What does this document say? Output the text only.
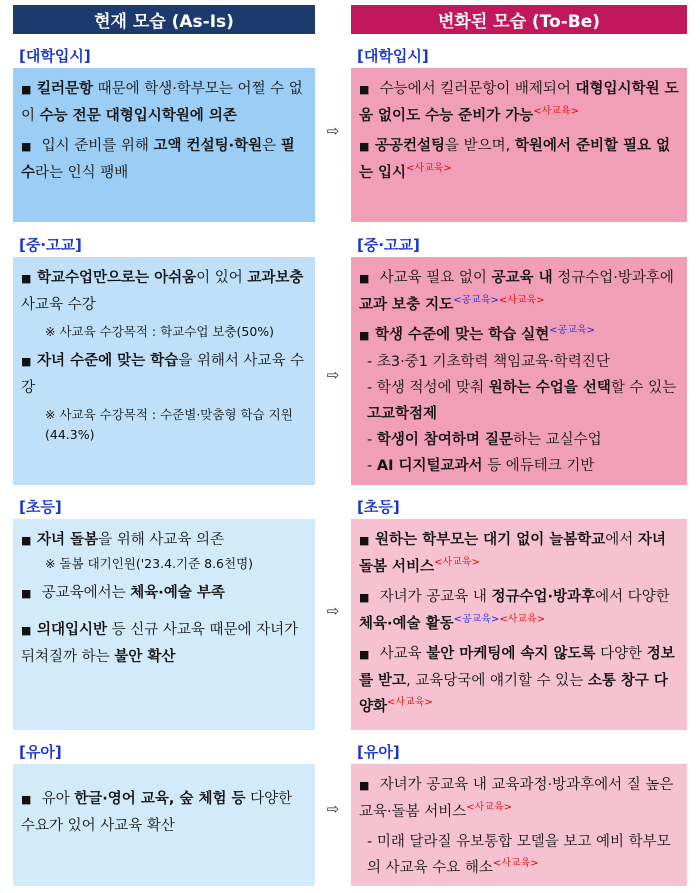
현재 모습 (As-Is)	변화된 모습 (To-Be)
[대학입시]
■ 킬러문항 때문에 학생·학부모는 어쩔 수 없이 수능 전문 대형입시학원에 의존
■ 입시 준비를 위해 고액 컨설팅·학원은 필수라는 인식 팽배
[대학입시]
■ 수능에서 킬러문항이 배제되어 대형입시학원 도움 없이도 수능 준비가 가능$^{<사교육>}$
■ 공공컨설팅을 받으며, 학원에서 준비할 필요 없는 입시$^{<사교육>}$
⇨
[중·고교]
■ 학교수업만으로는 아쉬움이 있어 교과보충 사교육 수강
※ 사교육 수강목적 : 학교수업 보충(50%)
■ 자녀 수준에 맞는 학습을 위해서 사교육 수강
※ 사교육 수강목적 : 수준별·맞춤형 학습 지원(44.3%)
[중·고교]
■ 사교육 필요 없이 공교육 내 정규수업·방과후에 교과 보충 지도$^{<공교육><사교육>}$
■ 학생 수준에 맞는 학습 실현$^{<공교육>}$
- 초3·중1 기초학력 책임교육·학력진단
- 학생 적성에 맞춰 원하는 수업을 선택할 수 있는 고교학점제
- 학생이 참여하며 질문하는 교실수업
- AI 디지털교과서 등 에듀테크 기반
⇨
[초등]
■ 자녀 돌봄을 위해 사교육 의존
※ 돌봄 대기인원('23.4.기준 8.6천명)
■ 공교육에서는 체육·예술 부족
■ 의대입시반 등 신규 사교육 때문에 자녀가 뒤쳐질까 하는 불안 확산
[초등]
■ 원하는 학부모는 대기 없이 늘봄학교에서 자녀 돌봄 서비스$^{<사교육>}$
■ 자녀가 공교육 내 정규수업·방과후에서 다양한 체육·예술 활동$^{<공교육><사교육>}$
■ 사교육 불안 마케팅에 속지 않도록 다양한 정보를 받고, 교육당국에 얘기할 수 있는 소통 창구 다양화$^{<사교육>}$
⇨
[유아]
■ 유아 한글·영어 교육, 숲 체험 등 다양한 수요가 있어 사교육 확산
[유아]
■ 자녀가 공교육 내 교육과정·방과후에서 질 높은 교육·돌봄 서비스$^{<사교육>}$
- 미래 달라질 유보통합 모델을 보고 예비 학부모의 사교육 수요 해소$^{<사교육>}$
⇨
